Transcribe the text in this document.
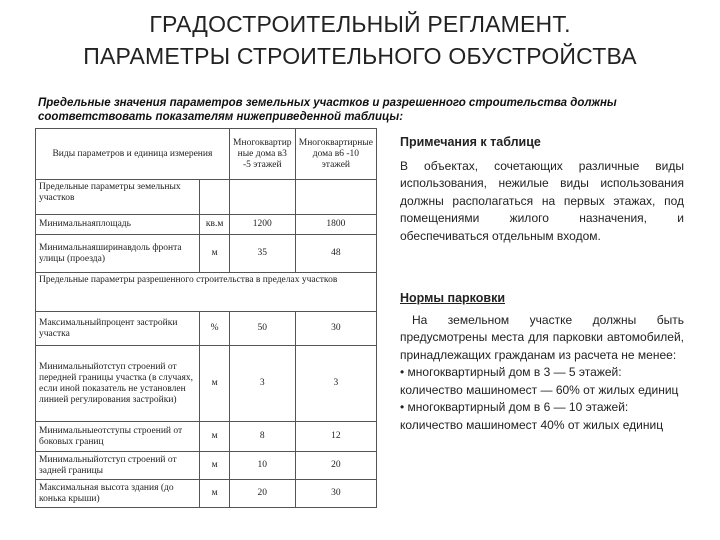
ГРАДОСТРОИТЕЛЬНЫЙ РЕГЛАМЕНТ.
ПАРАМЕТРЫ СТРОИТЕЛЬНОГО ОБУСТРОЙСТВА
Предельные значения параметров земельных участков и разрешенного строительства должны соответствовать показателям нижеприведенной таблицы:
Виды параметров и единица измерения		Многоквартир ные дома в3 -5 этажей	Многоквартирные дома в6 -10 этажей
Предельные параметры земельных участков			
Минимальнаяплощадь	кв.м	1200	1800
Минимальнаяширинавдоль фронта улицы (проезда)	м	35	48
Предельные параметры разрешенного строительства в пределах участков			
Максимальныйпроцент застройки участка	%	50	30
Минимальныйотступ строений от передней границы участка (в случаях, если иной показатель не установлен линией регулирования застройки)	м	3	3
Минимальныеотступы строений от боковых границ	м	8	12
Минимальныйотступ строений от задней границы	м	10	20
Максимальная высота здания (до конька крыши)	м	20	30
Примечания к таблице

В объектах, сочетающих различные виды использования, нежилые виды использования должны располагаться на первых этажах, под помещениями жилого назначения, и обеспечиваться отдельным входом.

Нормы парковки

На земельном участке должны быть предусмотрены места для парковки автомобилей, принадлежащих гражданам из расчета не менее:

• многоквартирный дом в 3 — 5 этажей: количество машиномест — 60% от жилых единиц
• многоквартирный дом в 6 — 10 этажей: количество машиномест 40% от жилых единиц
